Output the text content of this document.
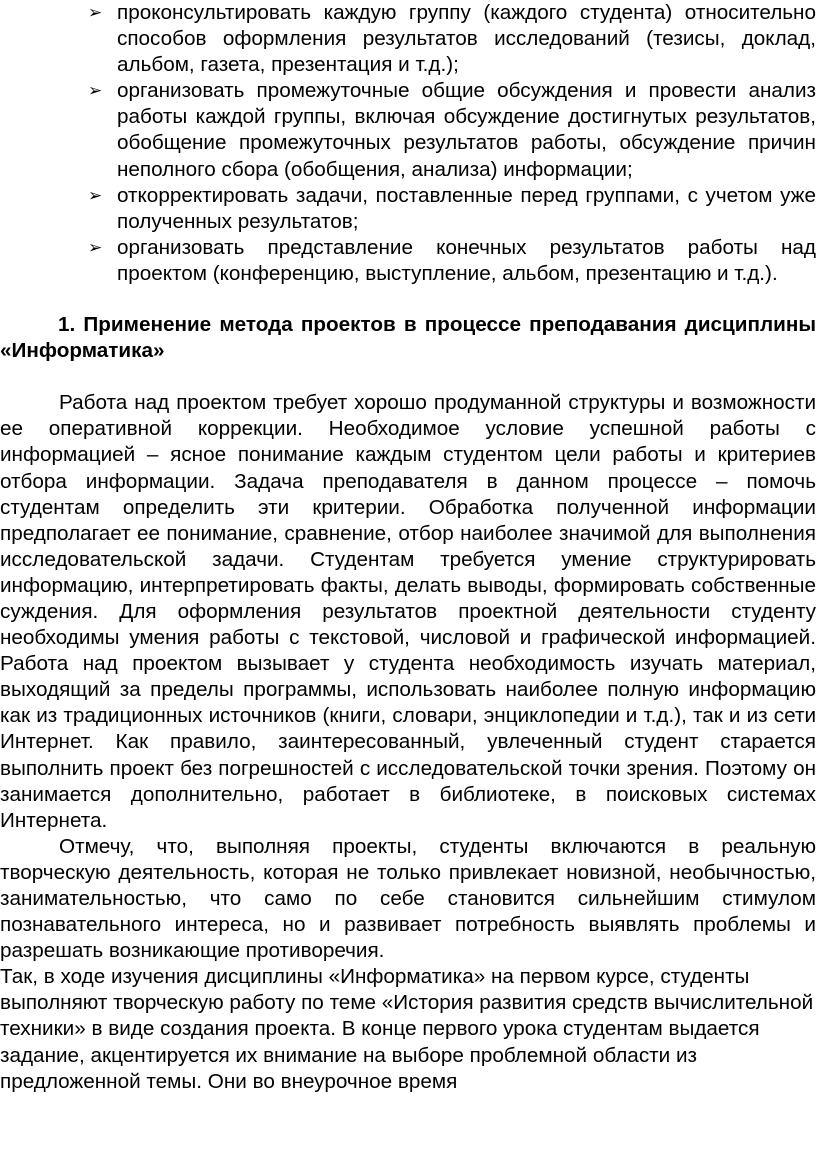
➢ проконсультировать каждую группу (каждого студента) относительно способов оформления результатов исследований (тезисы, доклад, альбом, газета, презентация и т.д.);
➢ организовать промежуточные общие обсуждения и провести анализ работы каждой группы, включая обсуждение достигнутых результатов, обобщение промежуточных результатов работы, обсуждение причин неполного сбора (обобщения, анализа) информации;
➢ откорректировать задачи, поставленные перед группами, с учетом уже полученных результатов;
➢ организовать представление конечных результатов работы над проектом (конференцию, выступление, альбом, презентацию и т.д.).
1. Применение метода проектов в процессе преподавания дисциплины «Информатика»

Работа над проектом требует хорошо продуманной структуры и возможности ее оперативной коррекции. Необходимое условие успешной работы с информацией – ясное понимание каждым студентом цели работы и критериев отбора информации. Задача преподавателя в данном процессе – помочь студентам определить эти критерии. Обработка полученной информации предполагает ее понимание, сравнение, отбор наиболее значимой для выполнения исследовательской задачи. Студентам требуется умение структурировать информацию, интерпретировать факты, делать выводы, формировать собственные суждения. Для оформления результатов проектной деятельности студенту необходимы умения работы с текстовой, числовой и графической информацией. Работа над проектом вызывает у студента необходимость изучать материал, выходящий за пределы программы, использовать наиболее полную информацию как из традиционных источников (книги, словари, энциклопедии и т.д.), так и из сети Интернет. Как правило, заинтересованный, увлеченный студент старается выполнить проект без погрешностей с исследовательской точки зрения. Поэтому он занимается дополнительно, работает в библиотеке, в поисковых системах Интернета.

Отмечу, что, выполняя проекты, студенты включаются в реальную творческую деятельность, которая не только привлекает новизной, необычностью, занимательностью, что само по себе становится сильнейшим стимулом познавательного интереса, но и развивает потребность выявлять проблемы и разрешать возникающие противоречия.

Так, в ходе изучения дисциплины «Информатика» на первом курсе, студенты выполняют творческую работу по теме «История развития средств вычислительной техники» в виде создания проекта. В конце первого урока студентам выдается задание, акцентируется их внимание на выборе проблемной области из предложенной темы. Они во внеурочное время
